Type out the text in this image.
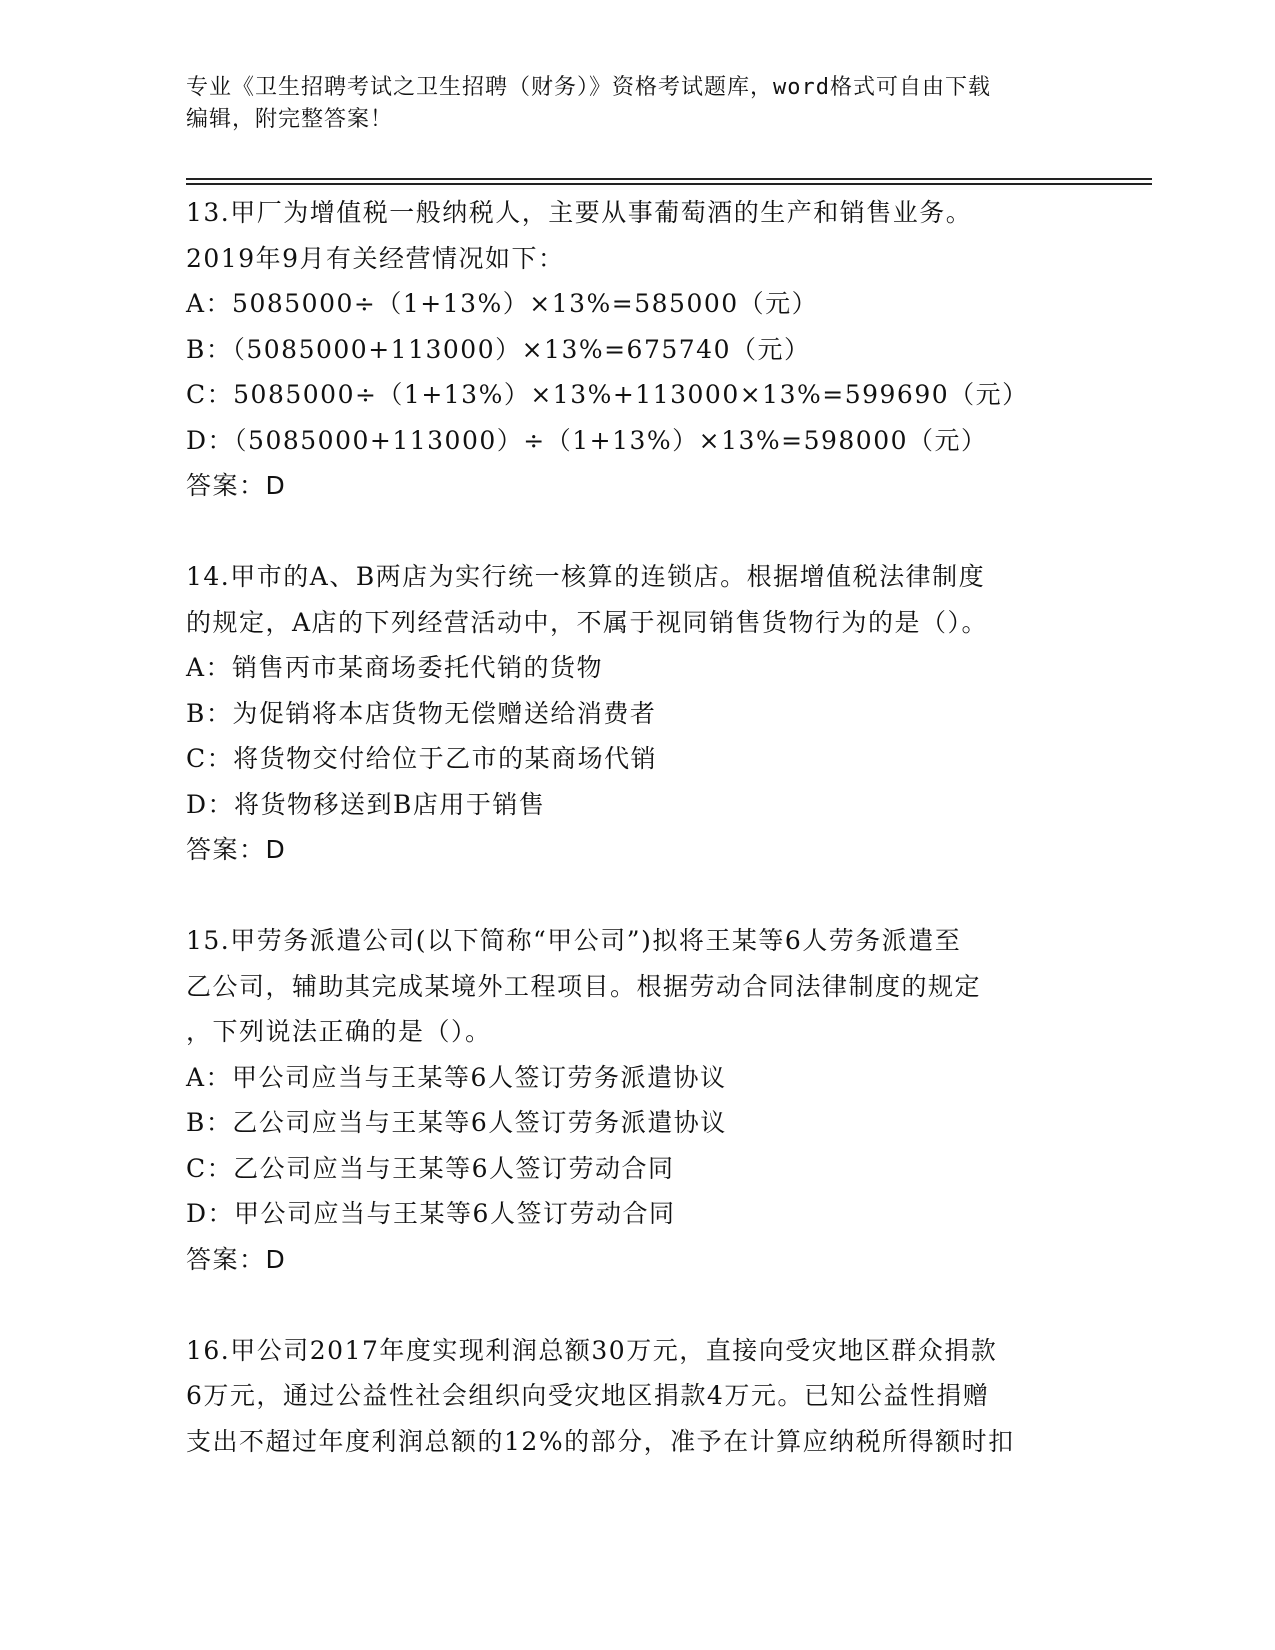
专业《卫生招聘考试之卫生招聘（财务）》资格考试题库，word格式可自由下载
编辑，附完整答案！
13.甲厂为增值税一般纳税人，主要从事葡萄酒的生产和销售业务。
2019年9月有关经营情况如下：
A：5085000÷（1+13%）×13%=585000（元）
B：（5085000+113000）×13%=675740（元）
C：5085000÷（1+13%）×13%+113000×13%=599690（元）
D：（5085000+113000）÷（1+13%）×13%=598000（元）
答案：D
14.甲市的A、B两店为实行统一核算的连锁店。根据增值税法律制度
的规定，A店的下列经营活动中，不属于视同销售货物行为的是（）。
A：销售丙市某商场委托代销的货物
B：为促销将本店货物无偿赠送给消费者
C：将货物交付给位于乙市的某商场代销
D：将货物移送到B店用于销售
答案：D
15.甲劳务派遣公司(以下简称“甲公司”)拟将王某等6人劳务派遣至
乙公司，辅助其完成某境外工程项目。根据劳动合同法律制度的规定
，下列说法正确的是（）。
A：甲公司应当与王某等6人签订劳务派遣协议
B：乙公司应当与王某等6人签订劳务派遣协议
C：乙公司应当与王某等6人签订劳动合同
D：甲公司应当与王某等6人签订劳动合同
答案：D
16.甲公司2017年度实现利润总额30万元，直接向受灾地区群众捐款
6万元，通过公益性社会组织向受灾地区捐款4万元。已知公益性捐赠
支出不超过年度利润总额的12%的部分，准予在计算应纳税所得额时扣
